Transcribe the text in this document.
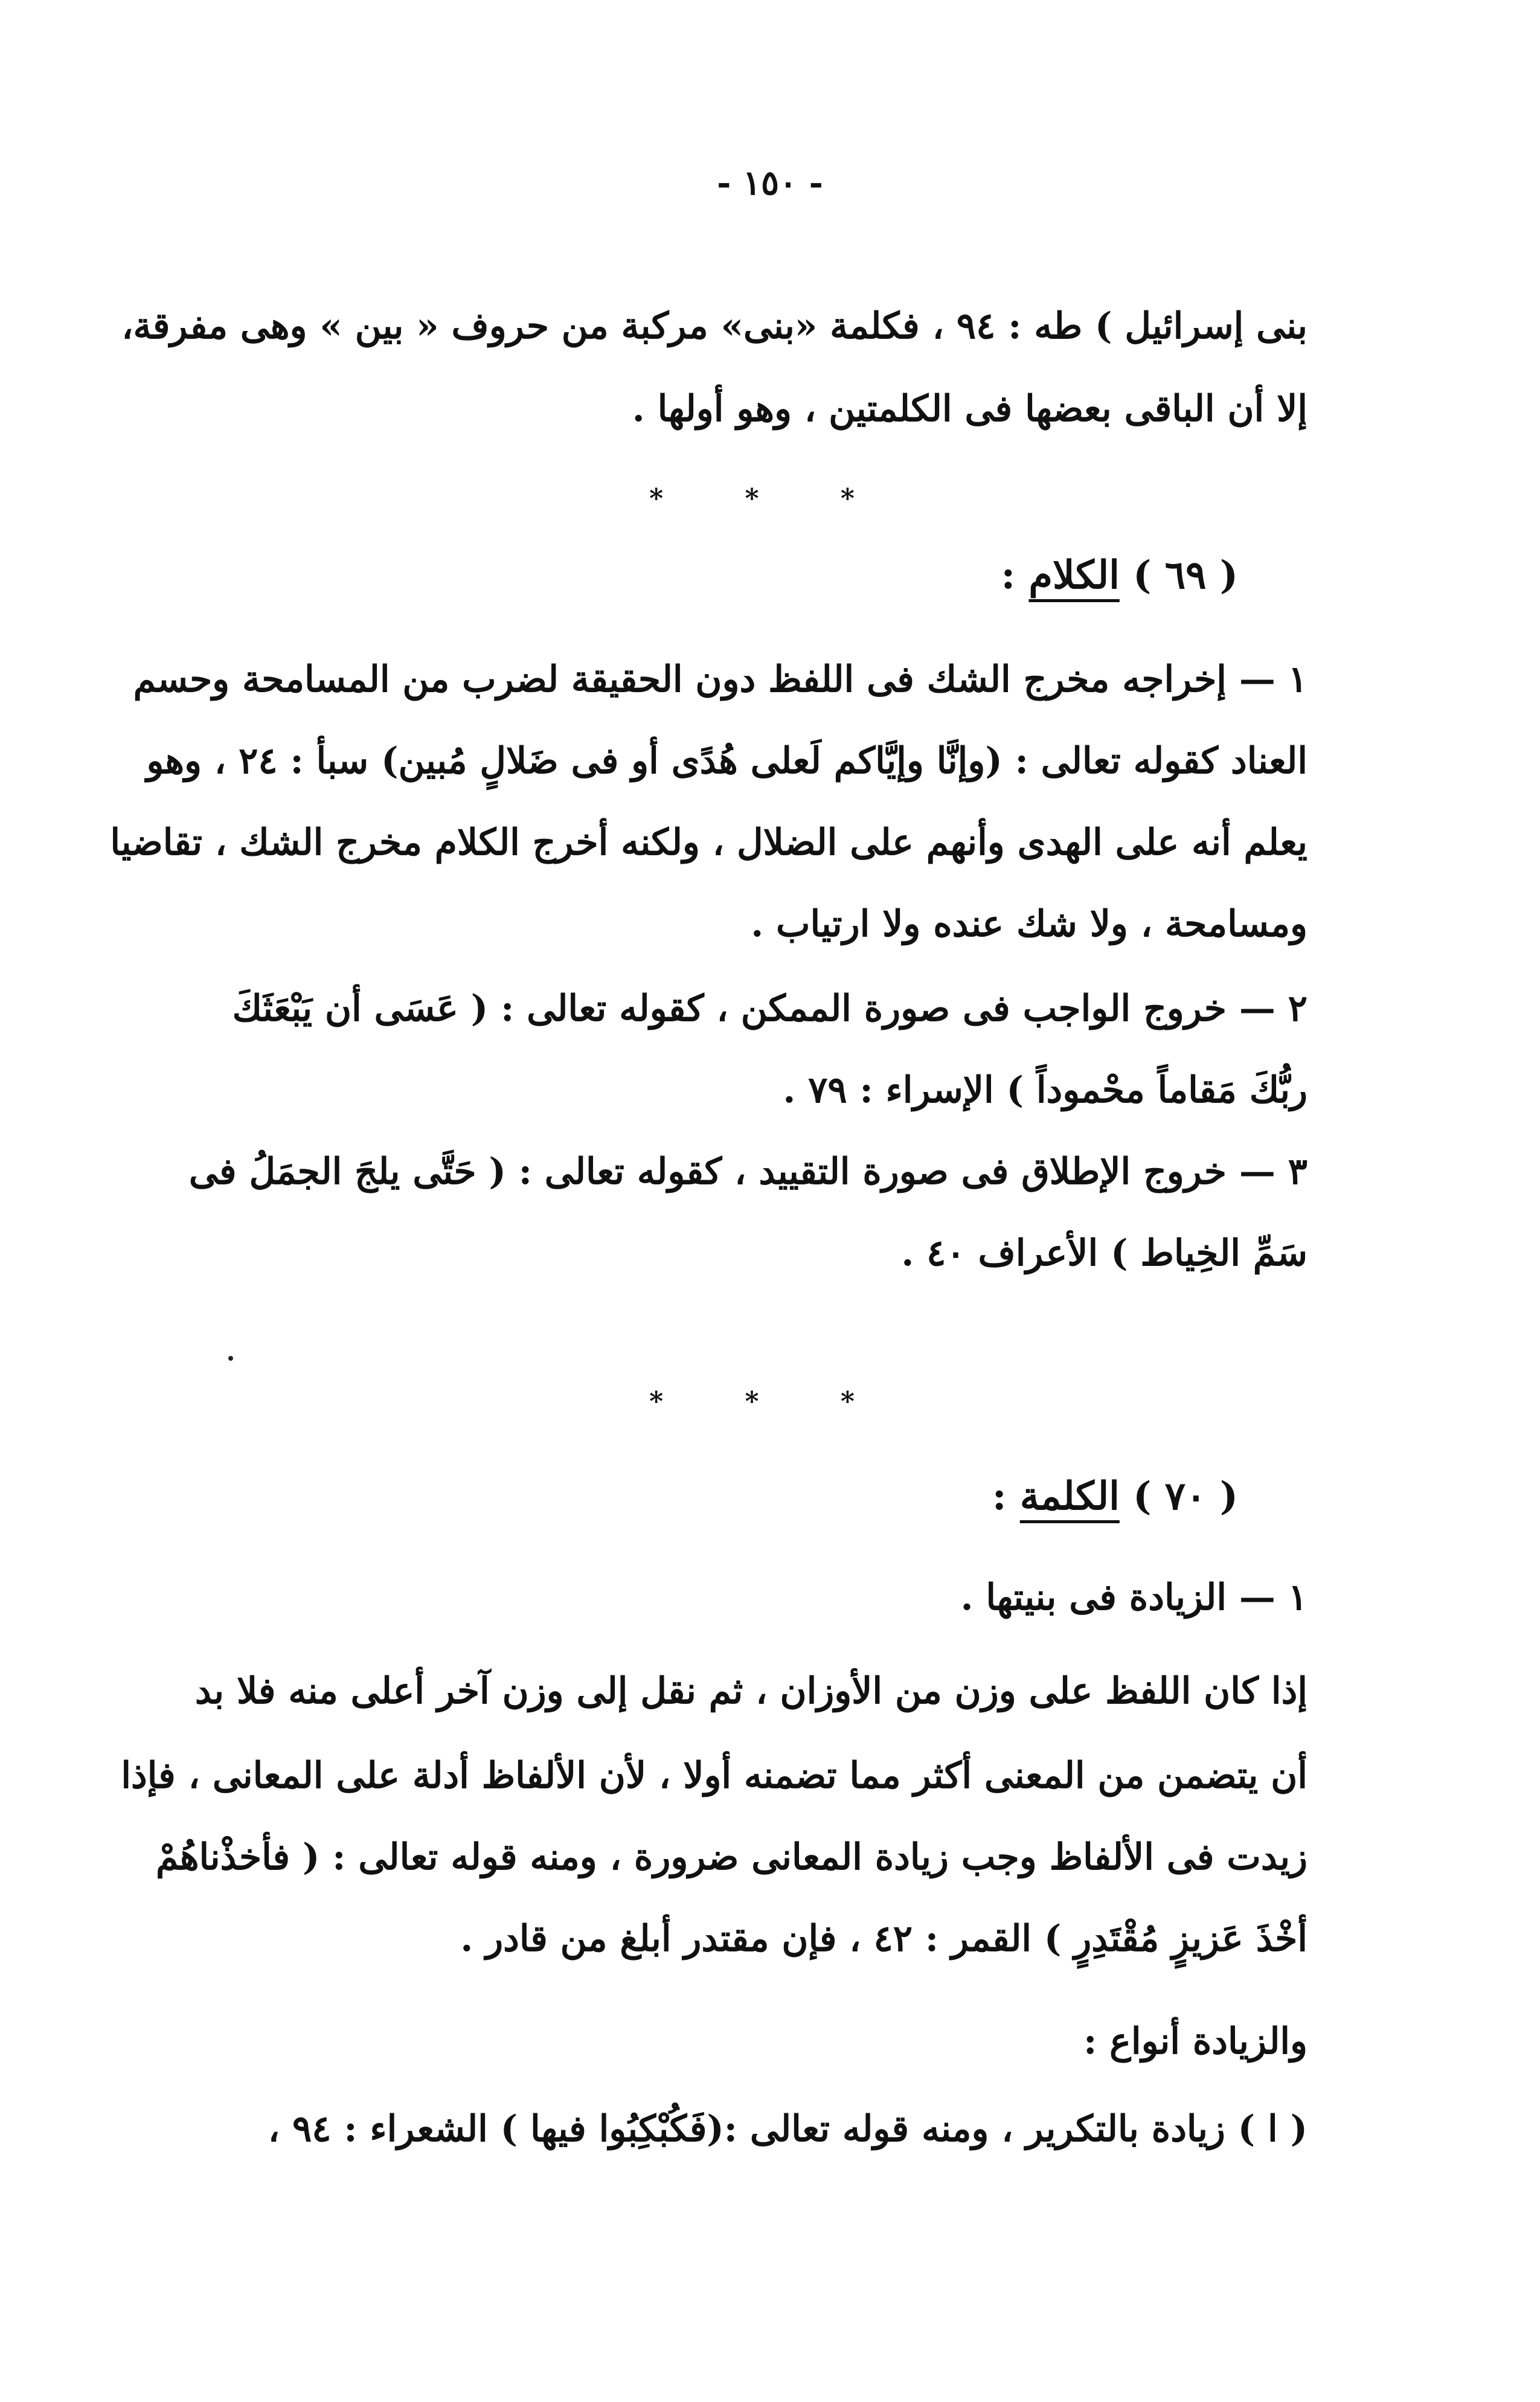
- ١٥٠ -
بنى إسرائيل ) طه : ٩٤ ، فكلمة «بنى» مركبة من حروف « بين » وهى مفرقة،
إلا أن الباقى بعضها فى الكلمتين ، وهو أولها .
* * *
( ٦٩ ) الكلام :
١ — إخراجه مخرج الشك فى اللفظ دون الحقيقة لضرب من المسامحة وحسم
العناد كقوله تعالى : (وإنَّا وإيَّاكم لَعلى هُدًى أو فى ضَلالٍ مُبين) سبأ : ٢٤ ، وهو
يعلم أنه على الهدى وأنهم على الضلال ، ولكنه أخرج الكلام مخرج الشك ، تقاضيا
ومسامحة ، ولا شك عنده ولا ارتياب .
٢ — خروج الواجب فى صورة الممكن ، كقوله تعالى : ( عَسَى أن يَبْعَثَكَ
ربُّكَ مَقاماً محْموداً ) الإسراء : ٧٩ .
٣ — خروج الإطلاق فى صورة التقييد ، كقوله تعالى : ( حَتَّى يلجَ الجمَلُ فى
سَمِّ الخِياط ) الأعراف ٤٠ .
* * *
( ٧٠ ) الكلمة :
١ — الزيادة فى بنيتها .
إذا كان اللفظ على وزن من الأوزان ، ثم نقل إلى وزن آخر أعلى منه فلا بد
أن يتضمن من المعنى أكثر مما تضمنه أولا ، لأن الألفاظ أدلة على المعانى ، فإذا
زيدت فى الألفاظ وجب زيادة المعانى ضرورة ، ومنه قوله تعالى : ( فأخذْناهُمْ
أخْذَ عَزيزٍ مُقْتَدِرٍ ) القمر : ٤٢ ، فإن مقتدر أبلغ من قادر .
والزيادة أنواع :
( ا ) زيادة بالتكرير ، ومنه قوله تعالى :(فَكُبْكِبُوا فيها ) الشعراء : ٩٤ ،
